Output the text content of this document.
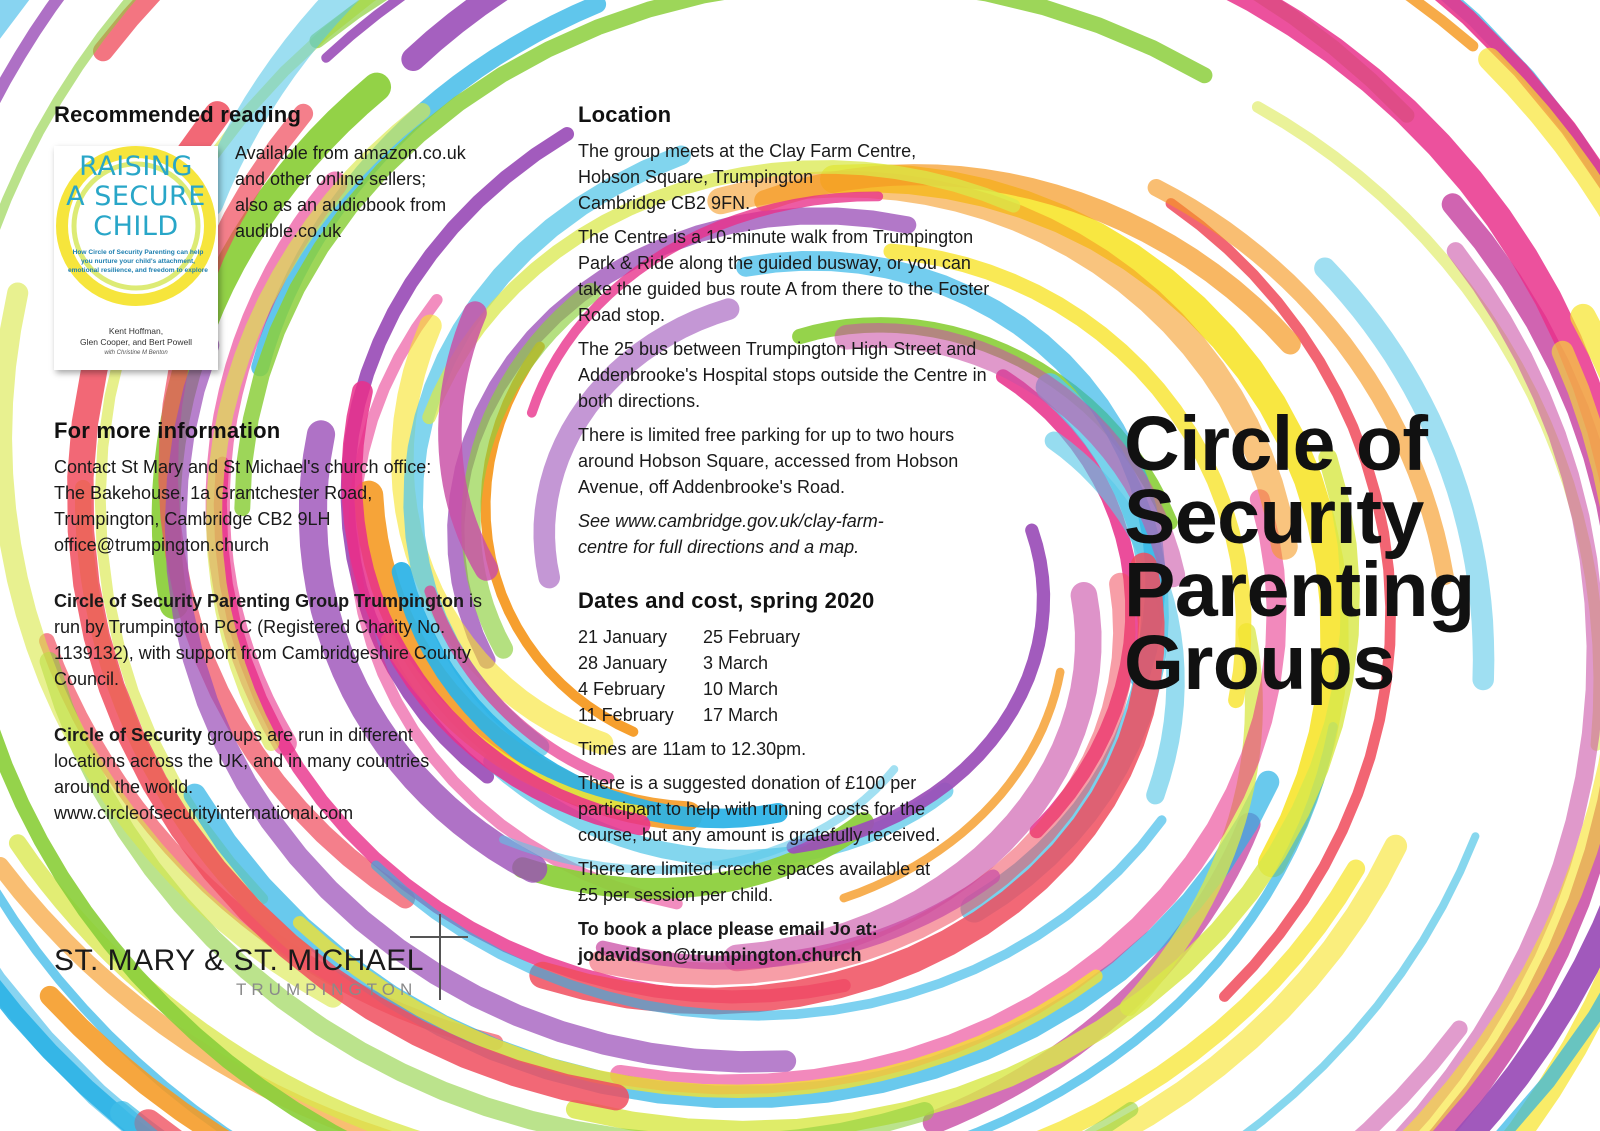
Recommended reading
RAISING
A SECURE
CHILD
How Circle of Security Parenting can help you nurture your child's attachment, emotional resilience, and freedom to explore
Kent Hoffman,
Glen Cooper, and Bert Powell
with Christine M Benton

Available from amazon.co.uk

and other online sellers;

also as an audiobook from

audible.co.uk

For more information

Contact St Mary and St Michael's church office:

The Bakehouse, 1a Grantchester Road,

Trumpington, Cambridge CB2 9LH

office@trumpington.church

Circle of Security Parenting Group Trumpington is run by Trumpington PCC (Registered Charity No. 1139132), with support from Cambridgeshire County Council.

Circle of Security groups are run in different locations across the UK, and in many countries around the world.

www.circleofsecurityinternational.com

ST. MARY & ST. MICHAEL
TRUMPINGTON
Location

The group meets at the Clay Farm Centre,

Hobson Square, Trumpington

Cambridge CB2 9FN.

The Centre is a 10-minute walk from Trumpington Park & Ride along the guided busway, or you can take the guided bus route A from there to the Foster Road stop.

The 25 bus between Trumpington High Street and Addenbrooke's Hospital stops outside the Centre in both directions.

There is limited free parking for up to two hours around Hobson Square, accessed from Hobson Avenue, off Addenbrooke's Road.

See www.cambridge.gov.uk/clay-farm-centre for full directions and a map.

Dates and cost, spring 2020
21 January	25 February
28 January	3 March
4 February	10 March
11 February	17 March

Times are 11am to 12.30pm.

There is a suggested donation of £100 per participant to help with running costs for the course, but any amount is gratefully received.

There are limited creche spaces available at £5 per session per child.

To book a place please email Jo at:

jodavidson@trumpington.church

Circle of
Security
Parenting
Groups
